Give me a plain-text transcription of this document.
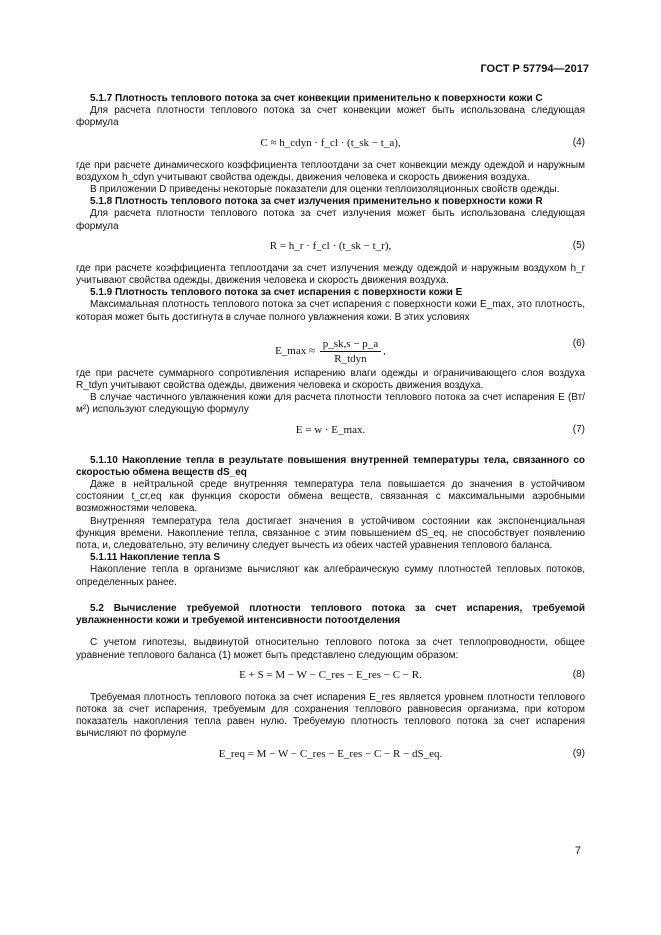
ГОСТ Р 57794—2017

5.1.7 Плотность теплового потока за счет конвекции применительно к поверхности кожи C

Для расчета плотности теплового потока за счет конвекции может быть использована следующая формула

C ≈ h_cdyn · f_cl · (t_sk − t_a),	(4)

где при расчете динамического коэффициента теплоотдачи за счет конвекции между одеждой и наружным воздухом h_cdyn учитывают свойства одежды, движения человека и скорость движения воздуха.

В приложении D приведены некоторые показатели для оценки теплоизоляционных свойств одежды.

5.1.8 Плотность теплового потока за счет излучения применительно к поверхности кожи R

Для расчета плотности теплового потока за счет излучения может быть использована следующая формула

R = h_r · f_cl · (t_sk − t_r),	(5)

где при расчете коэффициента теплоотдачи за счет излучения между одеждой и наружным воздухом h_r учитывают свойства одежды, движения человека и скорость движения воздуха.

5.1.9 Плотность теплового потока за счет испарения с поверхности кожи E

Максимальная плотность теплового потока за счет испарения с поверхности кожи E_max, это плотность, которая может быть достигнута в случае полного увлажнения кожи. В этих условиях

E_max ≈ $\frac{p\_sk,s - p\_a}{\text{R\_tdyn}}$ ,
(6)

где при расчете суммарного сопротивления испарению влаги одежды и ограничивающего слоя воздуха R_tdyn учитывают свойства одежды, движения человека и скорость движения воздуха.

В случае частичного увлажнения кожи для расчета плотности теплового потока за счет испарения E (Вт/м²) используют следующую формулу

E = w · E_max.	(7)

5.1.10 Накопление тепла в результате повышения внутренней температуры тела, связанного со скоростью обмена веществ dS_eq

Даже в нейтральной среде внутренняя температура тела повышается до значения в устойчивом состоянии t_cr,eq как функция скорости обмена веществ, связанная с максимальными аэробными возможностями человека.

Внутренняя температура тела достигает значения в устойчивом состоянии как экспоненциальная функция времени. Накопление тепла, связанное с этим повышением dS_eq, не способствует появлению пота, и, следовательно, эту величину следует вычесть из обеих частей уравнения теплового баланса.

5.1.11 Накопление тепла S

Накопление тепла в организме вычисляют как алгебраическую сумму плотностей тепловых потоков, определенных ранее.

5.2 Вычисление требуемой плотности теплового потока за счет испарения, требуемой увлажненности кожи и требуемой интенсивности потоотделения

С учетом гипотезы, выдвинутой относительно теплового потока за счет теплопроводности, общее уравнение теплового баланса (1) может быть представлено следующим образом:

E + S = M − W − C_res − E_res − C − R.	(8)

Требуемая плотность теплового потока за счет испарения E_res является уровнем плотности теплового потока за счет испарения, требуемым для сохранения теплового равновесия организма, при котором показатель накопления тепла равен нулю. Требуемую плотность теплового потока за счет испарения вычисляют по формуле

E_req = M − W − C_res − E_res − C − R − dS_eq.	(9)
7
